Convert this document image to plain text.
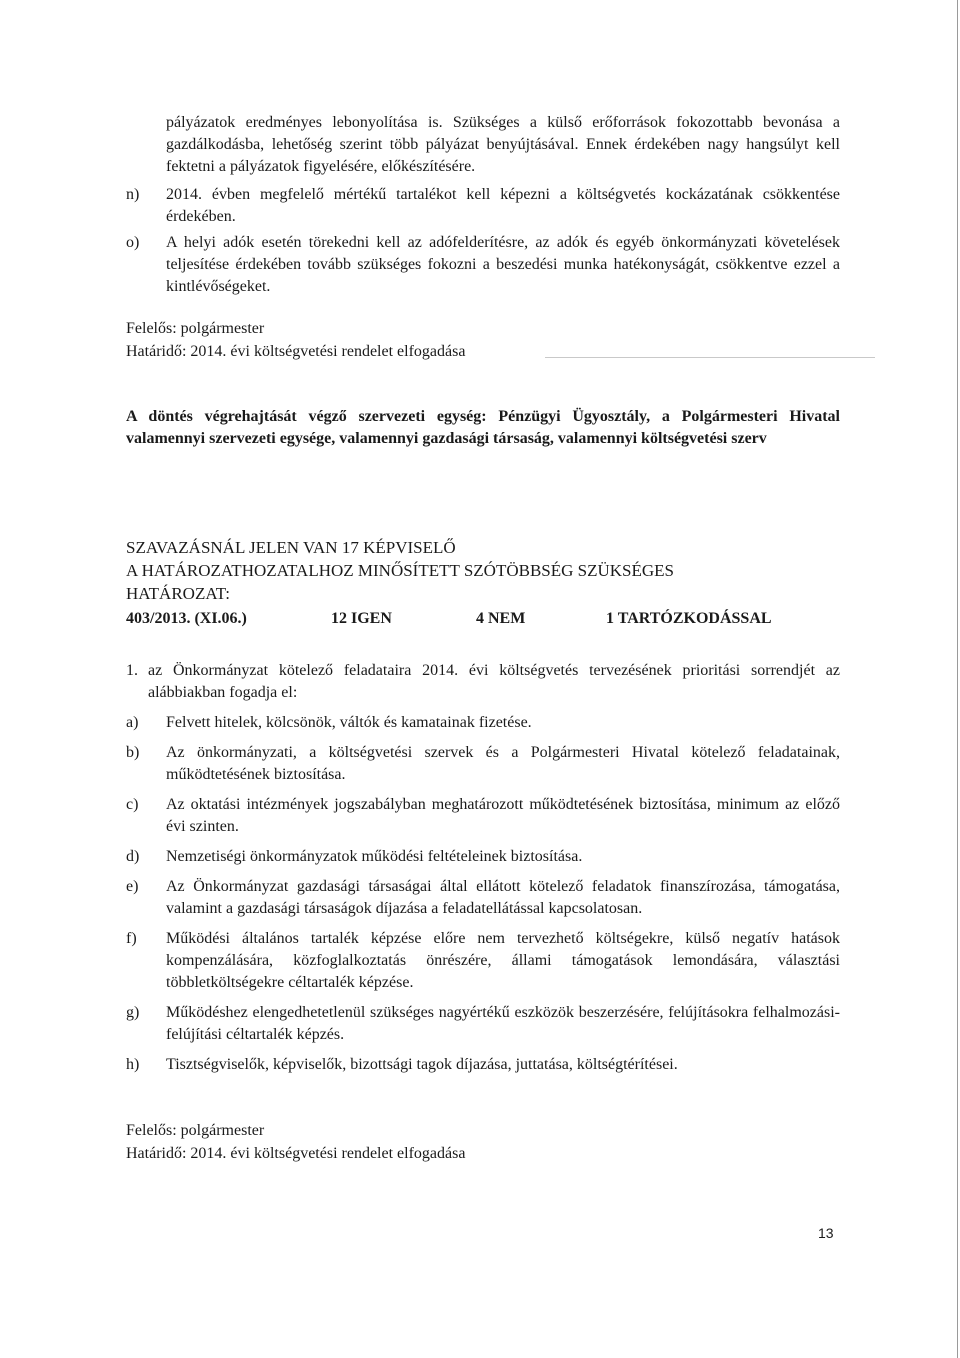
pályázatok eredményes lebonyolítása is. Szükséges a külső erőforrások fokozottabb bevonása a gazdálkodásba, lehetőség szerint több pályázat benyújtásával. Ennek érdekében nagy hangsúlyt kell fektetni a pályázatok figyelésére, előkészítésére.

n) 2014. évben megfelelő mértékű tartalékot kell képezni a költségvetés kockázatának csökkentése érdekében.

o) A helyi adók esetén törekedni kell az adófelderítésre, az adók és egyéb önkormányzati követelések teljesítése érdekében tovább szükséges fokozni a beszedési munka hatékonyságát, csökkentve ezzel a kintlévőségeket.

Felelős: polgármester
Határidő: 2014. évi költségvetési rendelet elfogadása

A döntés végrehajtását végző szervezeti egység: Pénzügyi Ügyosztály, a Polgármesteri Hivatal valamennyi szervezeti egysége, valamennyi gazdasági társaság, valamennyi költségvetési szerv

SZAVAZÁSNÁL JELEN VAN 17 KÉPVISELŐ
A HATÁROZATHOZATALHOZ MINŐSÍTETT SZÓTÖBBSÉG SZÜKSÉGES
HATÁROZAT:
403/2013. (XI.06.)	12 IGEN	4 NEM	1 TARTÓZKODÁSSAL
1. az Önkormányzat kötelező feladataira 2014. évi költségvetés tervezésének prioritási sorrendjét az alábbiakban fogadja el:

a) Felvett hitelek, kölcsönök, váltók és kamatainak fizetése.

b) Az önkormányzati, a költségvetési szervek és a Polgármesteri Hivatal kötelező feladatainak, működtetésének biztosítása.

c) Az oktatási intézmények jogszabályban meghatározott működtetésének biztosítása, minimum az előző évi szinten.

d) Nemzetiségi önkormányzatok működési feltételeinek biztosítása.

e) Az Önkormányzat gazdasági társaságai által ellátott kötelező feladatok finanszírozása, támogatása, valamint a gazdasági társaságok díjazása a feladatellátással kapcsolatosan.

f) Működési általános tartalék képzése előre nem tervezhető költségekre, külső negatív hatások kompenzálására, közfoglalkoztatás önrészére, állami támogatások lemondására, választási többletköltségekre céltartalék képzése.

g) Működéshez elengedhetetlenül szükséges nagyértékű eszközök beszerzésére, felújításokra felhalmozási- felújítási céltartalék képzés.

h) Tisztségviselők, képviselők, bizottsági tagok díjazása, juttatása, költségtérítései.

Felelős: polgármester
Határidő: 2014. évi költségvetési rendelet elfogadása
13
